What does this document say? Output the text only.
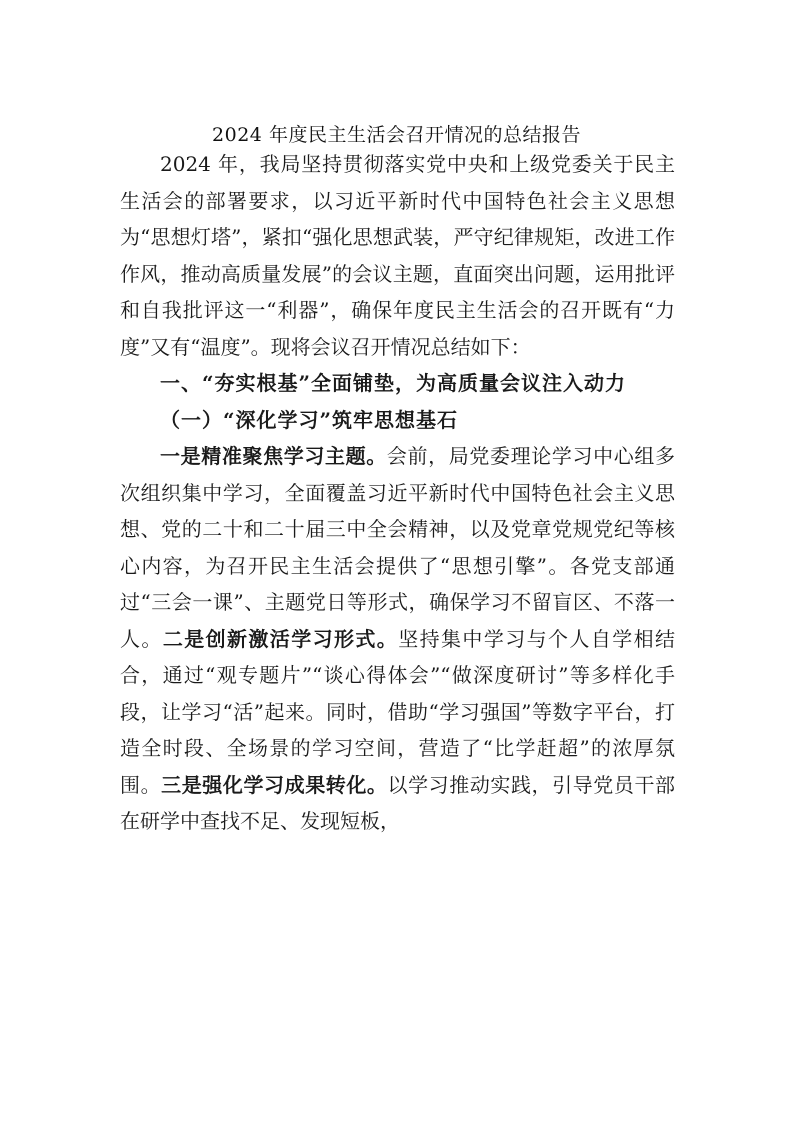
2024 年度民主生活会召开情况的总结报告

2024 年，我局坚持贯彻落实党中央和上级党委关于民主生活会的部署要求，以习近平新时代中国特色社会主义思想为“思想灯塔”，紧扣“强化思想武装，严守纪律规矩，改进工作作风，推动高质量发展”的会议主题，直面突出问题，运用批评和自我批评这一“利器”，确保年度民主生活会的召开既有“力度”又有“温度”。现将会议召开情况总结如下：

一、“夯实根基”全面铺垫，为高质量会议注入动力

（一）“深化学习”筑牢思想基石

一是精准聚焦学习主题。会前，局党委理论学习中心组多次组织集中学习，全面覆盖习近平新时代中国特色社会主义思想、党的二十和二十届三中全会精神，以及党章党规党纪等核心内容，为召开民主生活会提供了“思想引擎”。各党支部通过“三会一课”、主题党日等形式，确保学习不留盲区、不落一人。二是创新激活学习形式。坚持集中学习与个人自学相结合，通过“观专题片”“谈心得体会”“做深度研讨”等多样化手段，让学习“活”起来。同时，借助“学习强国”等数字平台，打造全时段、全场景的学习空间，营造了“比学赶超”的浓厚氛围。三是强化学习成果转化。以学习推动实践，引导党员干部在研学中查找不足、发现短板，
